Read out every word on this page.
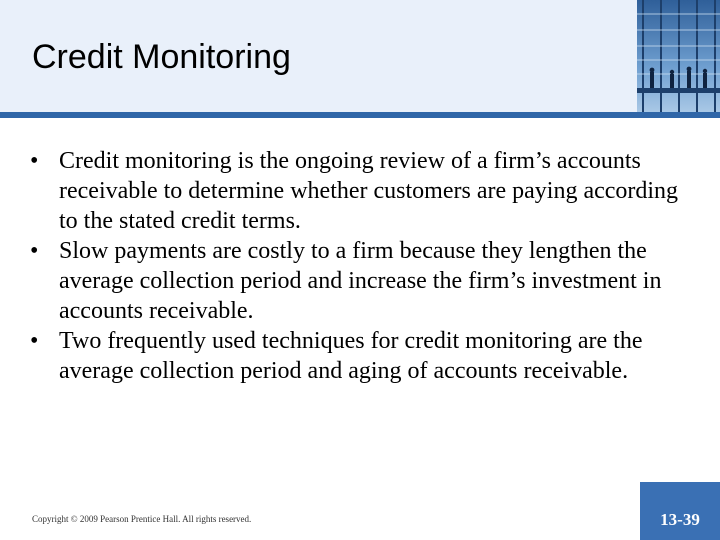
Credit Monitoring
• Credit monitoring is the ongoing review of a firm’s accounts receivable to determine whether customers are paying according to the stated credit terms.
• Slow payments are costly to a firm because they lengthen the average collection period and increase the firm’s investment in accounts receivable.
• Two frequently used techniques for credit monitoring are the average collection period and aging of accounts receivable.
Copyright © 2009 Pearson Prentice Hall. All rights reserved.	13-39
